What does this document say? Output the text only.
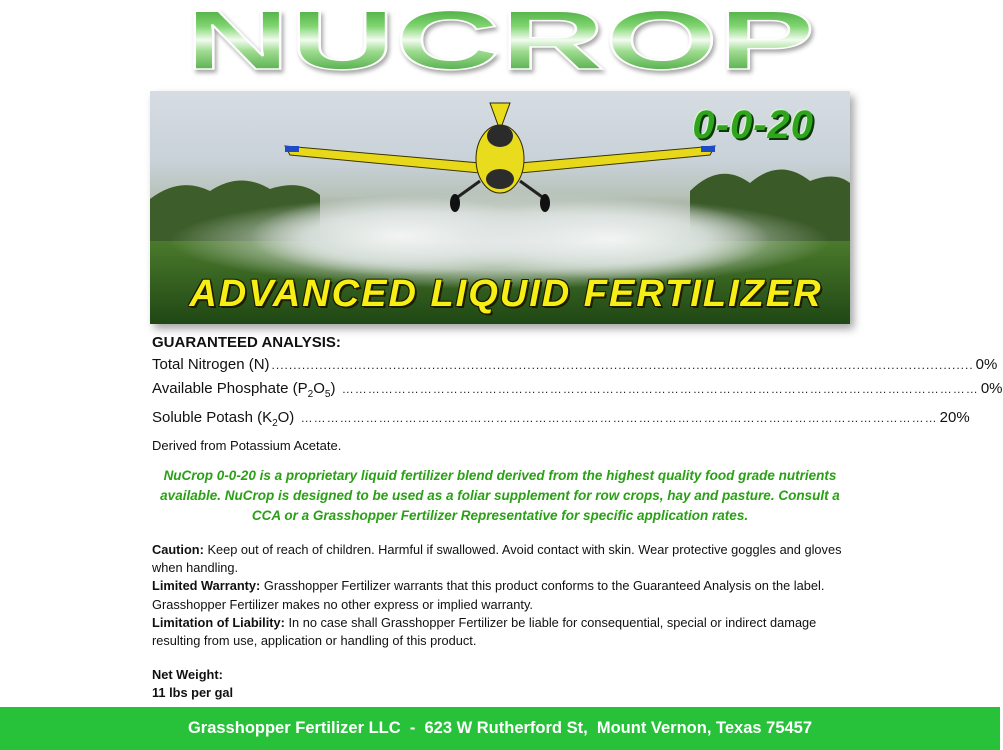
NUCROP
0-0-20
ADVANCED LIQUID FERTILIZER
GUARANTEED ANALYSIS:
Total Nitrogen (N) .................................................................................................................................................................. 0%
Available Phosphate $(P_2O_5)$ ………………………………………………………………………………………………………………………………… 0%
Soluble Potash $(K_2O)$ ………………………………………………………………………………………………………………………………… 20%
Derived from Potassium Acetate.
NuCrop 0-0-20 is a proprietary liquid fertilizer blend derived from the highest quality food grade nutrients available. NuCrop is designed to be used as a foliar supplement for row crops, hay and pasture. Consult a CCA or a Grasshopper Fertilizer Representative for specific application rates.

Caution: Keep out of reach of children. Harmful if swallowed. Avoid contact with skin. Wear protective goggles and gloves when handling.

Limited Warranty: Grasshopper Fertilizer warrants that this product conforms to the Guaranteed Analysis on the label. Grasshopper Fertilizer makes no other express or implied warranty.

Limitation of Liability: In no case shall Grasshopper Fertilizer be liable for consequential, special or indirect damage resulting from use, application or handling of this product.

Net Weight:
11 lbs per gal
Grasshopper Fertilizer LLC  -  623 W Rutherford St,  Mount Vernon, Texas 75457
